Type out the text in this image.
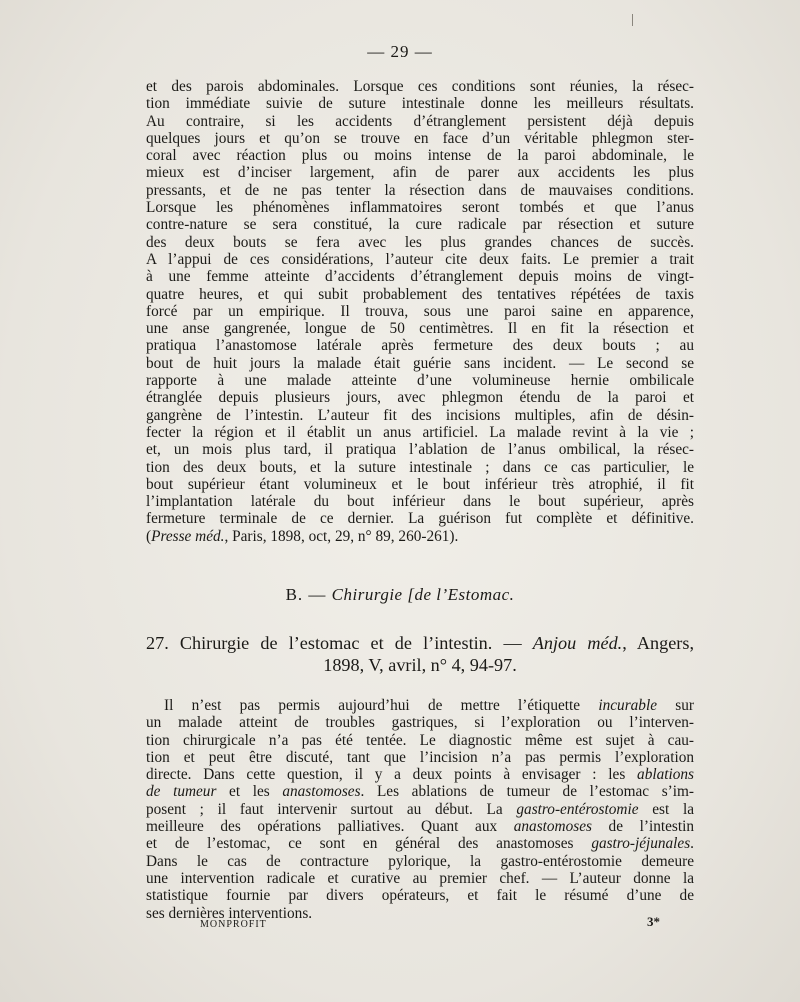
— 29 —
et des parois abdominales. Lorsque ces conditions sont réunies, la résec-
tion immédiate suivie de suture intestinale donne les meilleurs résultats.
Au contraire, si les accidents d’étranglement persistent déjà depuis
quelques jours et qu’on se trouve en face d’un véritable phlegmon ster-
coral avec réaction plus ou moins intense de la paroi abdominale, le
mieux est d’inciser largement, afin de parer aux accidents les plus
pressants, et de ne pas tenter la résection dans de mauvaises conditions.
Lorsque les phénomènes inflammatoires seront tombés et que l’anus
contre-nature se sera constitué, la cure radicale par résection et suture
des deux bouts se fera avec les plus grandes chances de succès.
A l’appui de ces considérations, l’auteur cite deux faits. Le premier a trait
à une femme atteinte d’accidents d’étranglement depuis moins de vingt-
quatre heures, et qui subit probablement des tentatives répétées de taxis
forcé par un empirique. Il trouva, sous une paroi saine en apparence,
une anse gangrenée, longue de 50 centimètres. Il en fit la résection et
pratiqua l’anastomose latérale après fermeture des deux bouts ; au
bout de huit jours la malade était guérie sans incident. — Le second se
rapporte à une malade atteinte d’une volumineuse hernie ombilicale
étranglée depuis plusieurs jours, avec phlegmon étendu de la paroi et
gangrène de l’intestin. L’auteur fit des incisions multiples, afin de désin-
fecter la région et il établit un anus artificiel. La malade revint à la vie ;
et, un mois plus tard, il pratiqua l’ablation de l’anus ombilical, la résec-
tion des deux bouts, et la suture intestinale ; dans ce cas particulier, le
bout supérieur étant volumineux et le bout inférieur très atrophié, il fit
l’implantation latérale du bout inférieur dans le bout supérieur, après
fermeture terminale de ce dernier. La guérison fut complète et définitive.
(Presse méd., Paris, 1898, oct, 29, n° 89, 260-261).
B. — Chirurgie [de l’Estomac.
27. Chirurgie de l’estomac et de l’intestin. — Anjou méd., Angers,
1898, V, avril, n° 4, 94-97.
Il n’est pas permis aujourd’hui de mettre l’étiquette incurable sur
un malade atteint de troubles gastriques, si l’exploration ou l’interven-
tion chirurgicale n’a pas été tentée. Le diagnostic même est sujet à cau-
tion et peut être discuté, tant que l’incision n’a pas permis l’exploration
directe. Dans cette question, il y a deux points à envisager : les ablations
de tumeur et les anastomoses. Les ablations de tumeur de l’estomac s’im-
posent ; il faut intervenir surtout au début. La gastro-entérostomie est la
meilleure des opérations palliatives. Quant aux anastomoses de l’intestin
et de l’estomac, ce sont en général des anastomoses gastro-jéjunales.
Dans le cas de contracture pylorique, la gastro-entérostomie demeure
une intervention radicale et curative au premier chef. — L’auteur donne la
statistique fournie par divers opérateurs, et fait le résumé d’une de
ses dernières interventions.
MONPROFIT	3*
